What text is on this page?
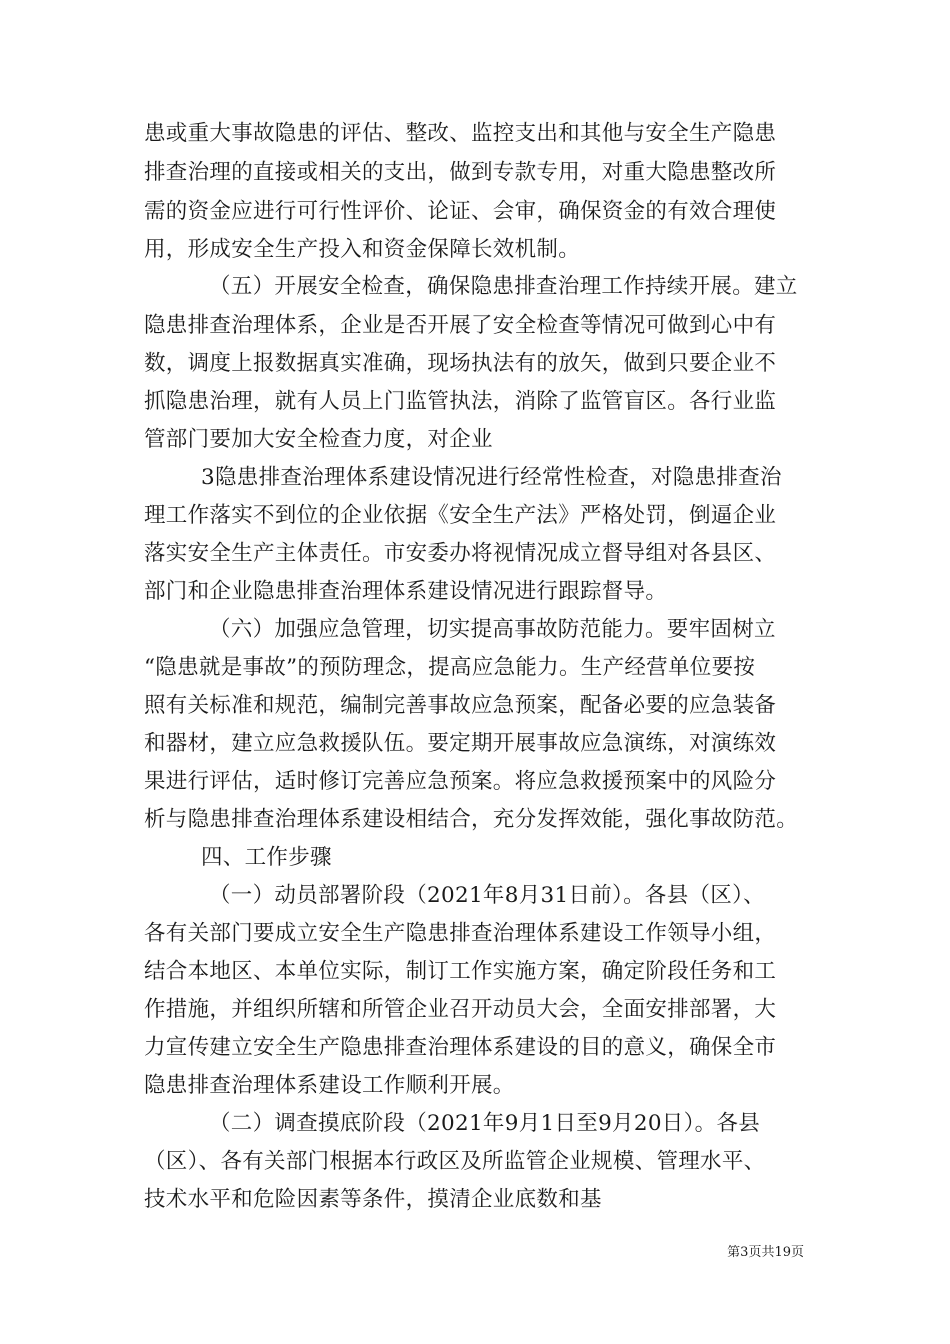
患或重大事故隐患的评估、整改、监控支出和其他与安全生产隐患
排查治理的直接或相关的支出，做到专款专用，对重大隐患整改所
需的资金应进行可行性评价、论证、会审，确保资金的有效合理使
用，形成安全生产投入和资金保障长效机制。
（五）开展安全检查，确保隐患排查治理工作持续开展。建立
隐患排查治理体系，企业是否开展了安全检查等情况可做到心中有
数，调度上报数据真实准确，现场执法有的放矢，做到只要企业不
抓隐患治理，就有人员上门监管执法，消除了监管盲区。各行业监
管部门要加大安全检查力度，对企业
3隐患排查治理体系建设情况进行经常性检查，对隐患排查治
理工作落实不到位的企业依据《安全生产法》严格处罚，倒逼企业
落实安全生产主体责任。市安委办将视情况成立督导组对各县区、
部门和企业隐患排查治理体系建设情况进行跟踪督导。
（六）加强应急管理，切实提高事故防范能力。要牢固树立
“隐患就是事故”的预防理念，提高应急能力。生产经营单位要按
照有关标准和规范，编制完善事故应急预案，配备必要的应急装备
和器材，建立应急救援队伍。要定期开展事故应急演练，对演练效
果进行评估，适时修订完善应急预案。将应急救援预案中的风险分
析与隐患排查治理体系建设相结合，充分发挥效能，强化事故防范。
四、工作步骤
（一）动员部署阶段（2021年8月31日前）。各县（区）、
各有关部门要成立安全生产隐患排查治理体系建设工作领导小组，
结合本地区、本单位实际，制订工作实施方案，确定阶段任务和工
作措施，并组织所辖和所管企业召开动员大会，全面安排部署，大
力宣传建立安全生产隐患排查治理体系建设的目的意义，确保全市
隐患排查治理体系建设工作顺利开展。
（二）调查摸底阶段（2021年9月1日至9月20日）。各县
（区）、各有关部门根据本行政区及所监管企业规模、管理水平、
技术水平和危险因素等条件，摸清企业底数和基
第3页共19页
